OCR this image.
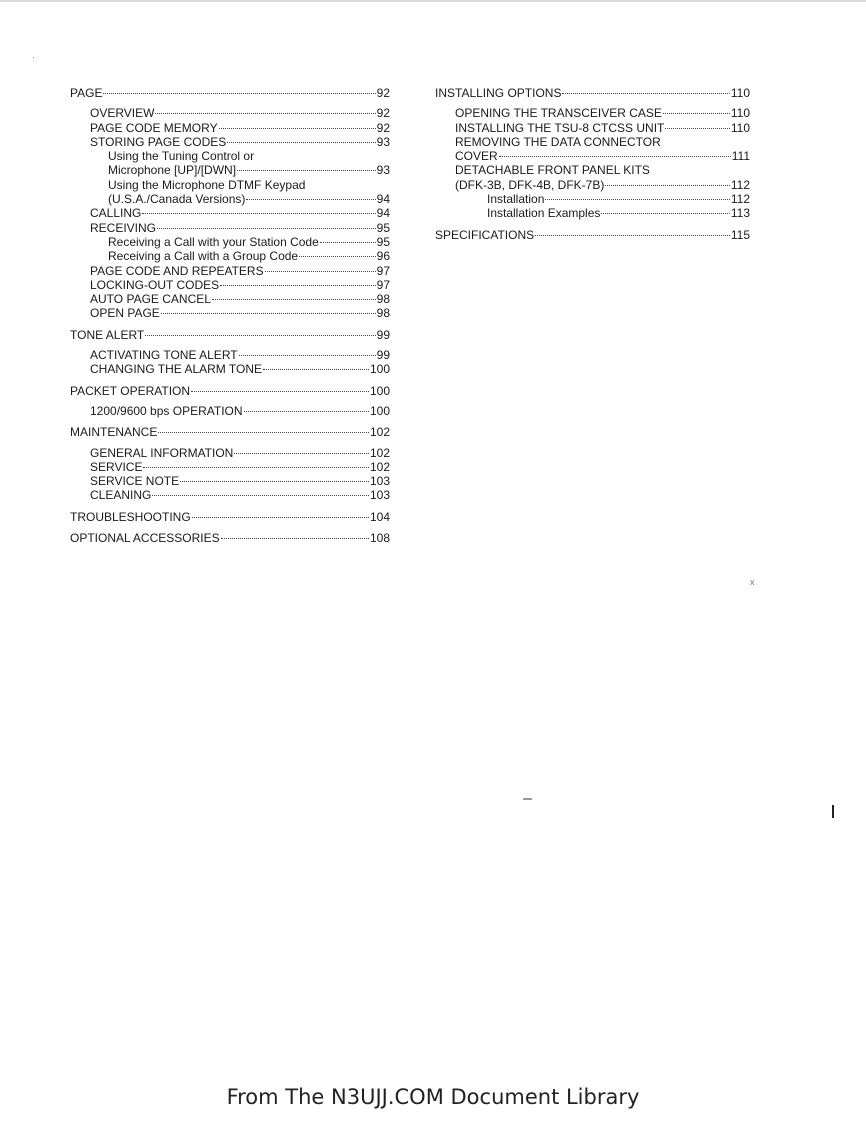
PAGE	92
OVERVIEW	92
PAGE CODE MEMORY	92
STORING PAGE CODES	93
Using the Tuning Control or
Microphone [UP]/[DWN]	93
Using the Microphone DTMF Keypad
(U.S.A./Canada Versions)	94
CALLING	94
RECEIVING	95
Receiving a Call with your Station Code	95
Receiving a Call with a Group Code	96
PAGE CODE AND REPEATERS	97
LOCKING-OUT CODES	97
AUTO PAGE CANCEL	98
OPEN PAGE	98
TONE ALERT	99
ACTIVATING TONE ALERT	99
CHANGING THE ALARM TONE	100
PACKET OPERATION	100
1200/9600 bps OPERATION	100
MAINTENANCE	102
GENERAL INFORMATION	102
SERVICE	102
SERVICE NOTE	103
CLEANING	103
TROUBLESHOOTING	104
OPTIONAL ACCESSORIES	108
INSTALLING OPTIONS	110
OPENING THE TRANSCEIVER CASE	110
INSTALLING THE TSU-8 CTCSS UNIT	110
REMOVING THE DATA CONNECTOR
COVER	111
DETACHABLE FRONT PANEL KITS
(DFK-3B, DFK-4B, DFK-7B)	112
Installation	112
Installation Examples	113
SPECIFICATIONS	115
x
From The N3UJJ.COM Document Library
